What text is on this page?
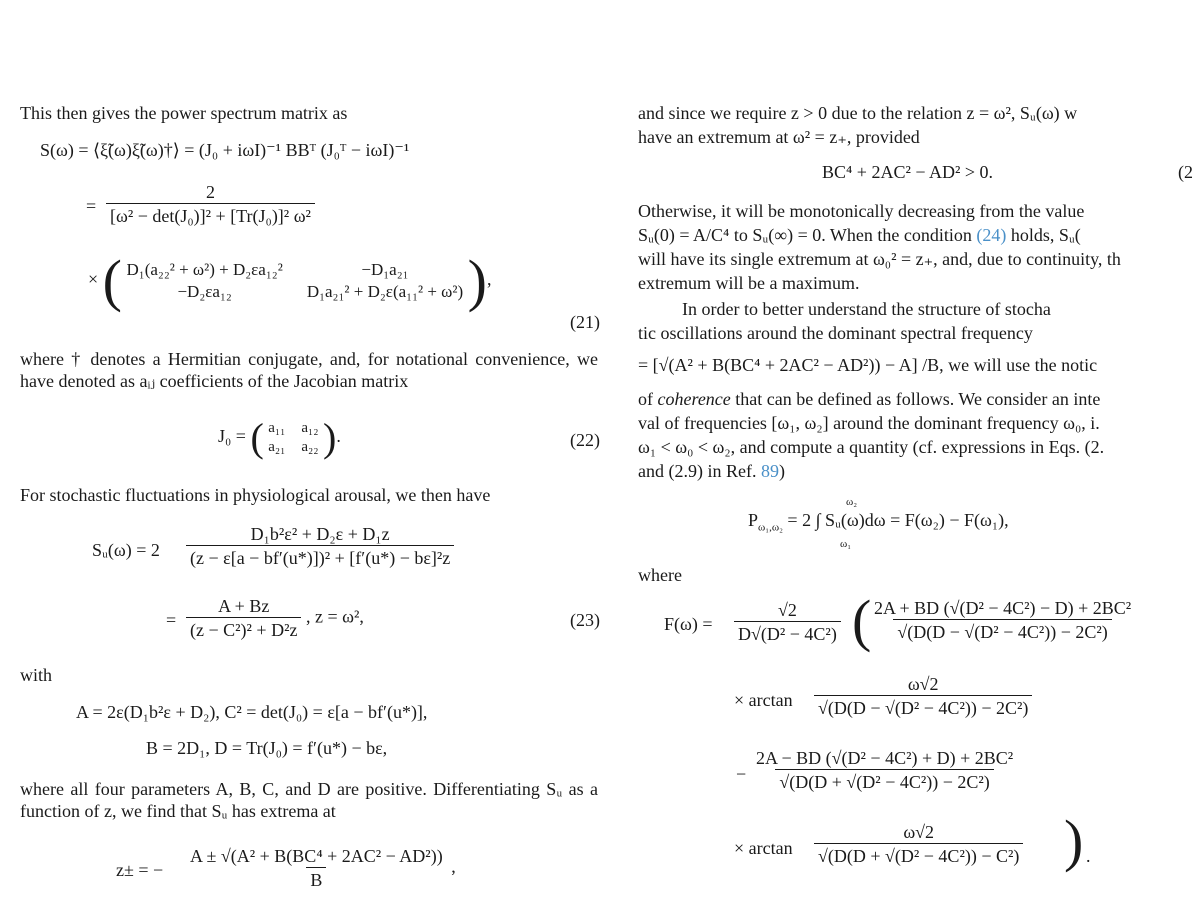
This then gives the power spectrum matrix as

S(ω) = ⟨ξ̃(ω)ξ̃(ω)†⟩ = (J₀ + iωI)⁻¹ BBᵀ (J₀ᵀ − iωI)⁻¹
= $\frac{2}{\text{[ω² − det(J₀)]² + [Tr(J₀)]² ω²}}$
× ( D₁(a₂₂² + ω²) + D₂εa₁₂²	−D₁a₂₁
−D₂εa₁₂	D₁a₂₁² + D₂ε(a₁₁² + ω²) ),
(21)

where † denotes a Hermitian conjugate, and, for notational convenience, we have denoted as aᵢⱼ coefficients of the Jacobian matrix

J₀ = ( a₁₁ a₁₂
a₂₁ a₂₂ ).	(22)

For stochastic fluctuations in physiological arousal, we then have

Sᵤ(ω) = $2 \frac{\text{D₁b²ε² + D₂ε + D₁z}}{\text{(z − ε[a − bf′(u*)])² + [f′(u*) − bε]²z}}$
= $\frac{A + Bz}{\text{(z − C²)² + D²z}}$ , z = ω²,	(23)

with

A = 2ε(D₁b²ε + D₂), C² = det(J₀) = ε[a − bf′(u*)],
B = 2D₁, D = Tr(J₀) = f′(u*) − bε,

where all four parameters A, B, C, and D are positive. Differentiating Sᵤ as a function of z, we find that Sᵤ has extrema at

z± = − $\frac{\text{A ± √(A² + B(BC⁴ + 2AC² − AD²))}}{B}$ ,

and since we require z > 0 due to the relation z = ω², Sᵤ(ω) w

have an extremum at ω² = z₊, provided

BC⁴ + 2AC² − AD² > 0.	(2

Otherwise, it will be monotonically decreasing from the value

Sᵤ(0) = A/C⁴ to Sᵤ(∞) = 0. When the condition (24) holds, Sᵤ(

will have its single extremum at ω₀² = z₊, and, due to continuity, th

extremum will be a maximum.

In order to better understand the structure of stocha

tic oscillations around the dominant spectral frequency

= [√(A² + B(BC⁴ + 2AC² − AD²)) − A] /B, we will use the notic

of coherence that can be defined as follows. We consider an inte

val of frequencies [ω₁, ω₂] around the dominant frequency ω₀, i.

ω₁ < ω₀ < ω₂, and compute a quantity (cf. expressions in Eqs. (2.

and (2.9) in Ref. 89)

$P_{\omega_1,\omega_2} = 2$ ∫ Sᵤ(ω)dω = F(ω₂) − F(ω₁),
ω₂
ω₁

where

$F(\omega) = \frac{√2}{\text{D√(D² − 4C²)}}$ (
$\frac{\text{2A + BD (√(D² − 4C²) − D) + 2BC²}}{\text{√(D(D − √(D² − 4C²)) − 2C²)}}$
× $\arctan \frac{\omega√2}{\text{√(D(D − √(D² − 4C²)) − 2C²)}}$
− $\frac{\text{2A − BD (√(D² − 4C²) + D) + 2BC²}}{\text{√(D(D + √(D² − 4C²)) − 2C²)}}$
× $\arctan \frac{\omega√2}{\text{√(D(D + √(D² − 4C²)) − C²)}}$ ) .
